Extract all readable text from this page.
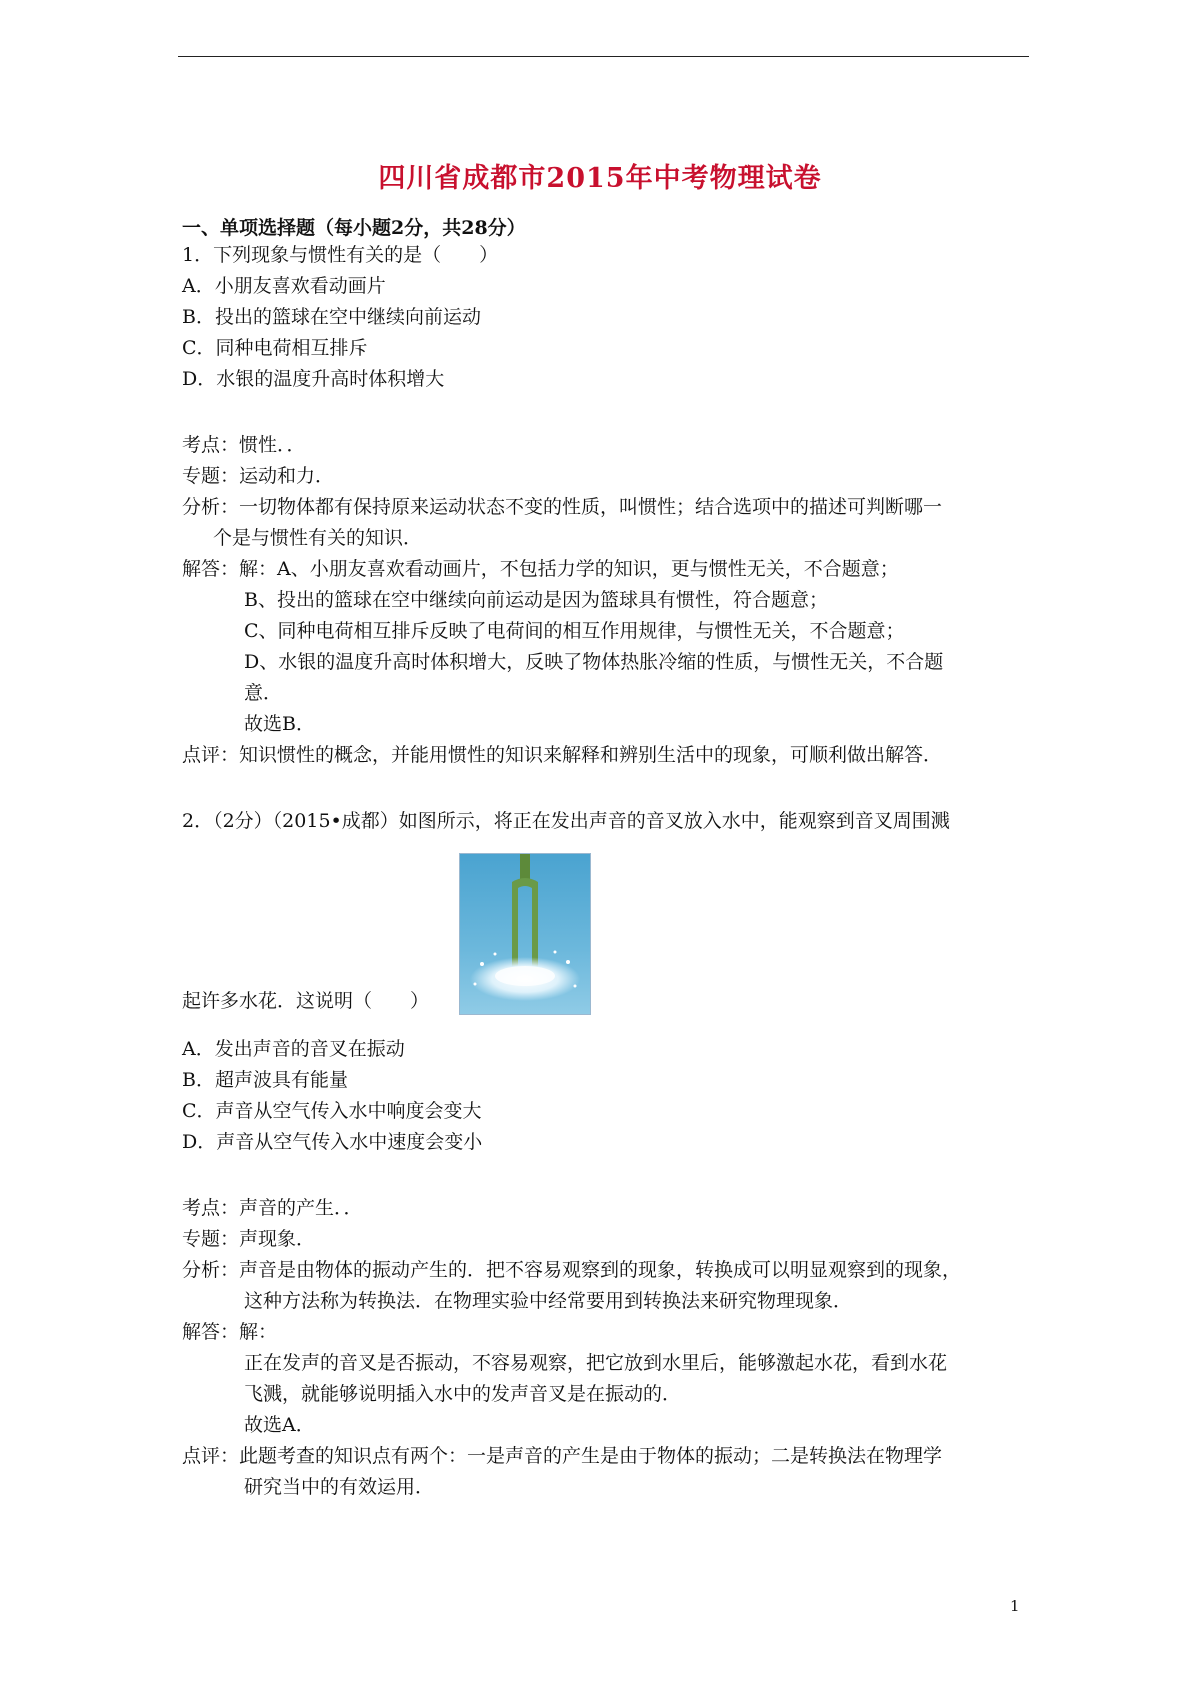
四川省成都市2015年中考物理试卷
一、单项选择题（每小题2分，共28分）
1．下列现象与惯性有关的是（　　）
A．小朋友喜欢看动画片
B．投出的篮球在空中继续向前运动
C．同种电荷相互排斥
D．水银的温度升高时体积增大
考点：惯性．．
专题：运动和力．
分析：一切物体都有保持原来运动状态不变的性质，叫惯性；结合选项中的描述可判断哪一
个是与惯性有关的知识．
解答：解：A、小朋友喜欢看动画片，不包括力学的知识，更与惯性无关，不合题意；
B、投出的篮球在空中继续向前运动是因为篮球具有惯性，符合题意；
C、同种电荷相互排斥反映了电荷间的相互作用规律，与惯性无关，不合题意；
D、水银的温度升高时体积增大，反映了物体热胀冷缩的性质，与惯性无关，不合题
意．
故选B．
点评：知识惯性的概念，并能用惯性的知识来解释和辨别生活中的现象，可顺利做出解答．
2．（2分）（2015•成都）如图所示，将正在发出声音的音叉放入水中，能观察到音叉周围溅
起许多水花．这说明（　　）
A．发出声音的音叉在振动
B．超声波具有能量
C．声音从空气传入水中响度会变大
D．声音从空气传入水中速度会变小
考点：声音的产生．．
专题：声现象．
分析：声音是由物体的振动产生的．把不容易观察到的现象，转换成可以明显观察到的现象，
这种方法称为转换法．在物理实验中经常要用到转换法来研究物理现象．
解答：解：
正在发声的音叉是否振动，不容易观察，把它放到水里后，能够激起水花，看到水花
飞溅，就能够说明插入水中的发声音叉是在振动的．
故选A．
点评：此题考查的知识点有两个：一是声音的产生是由于物体的振动；二是转换法在物理学
研究当中的有效运用．
1
